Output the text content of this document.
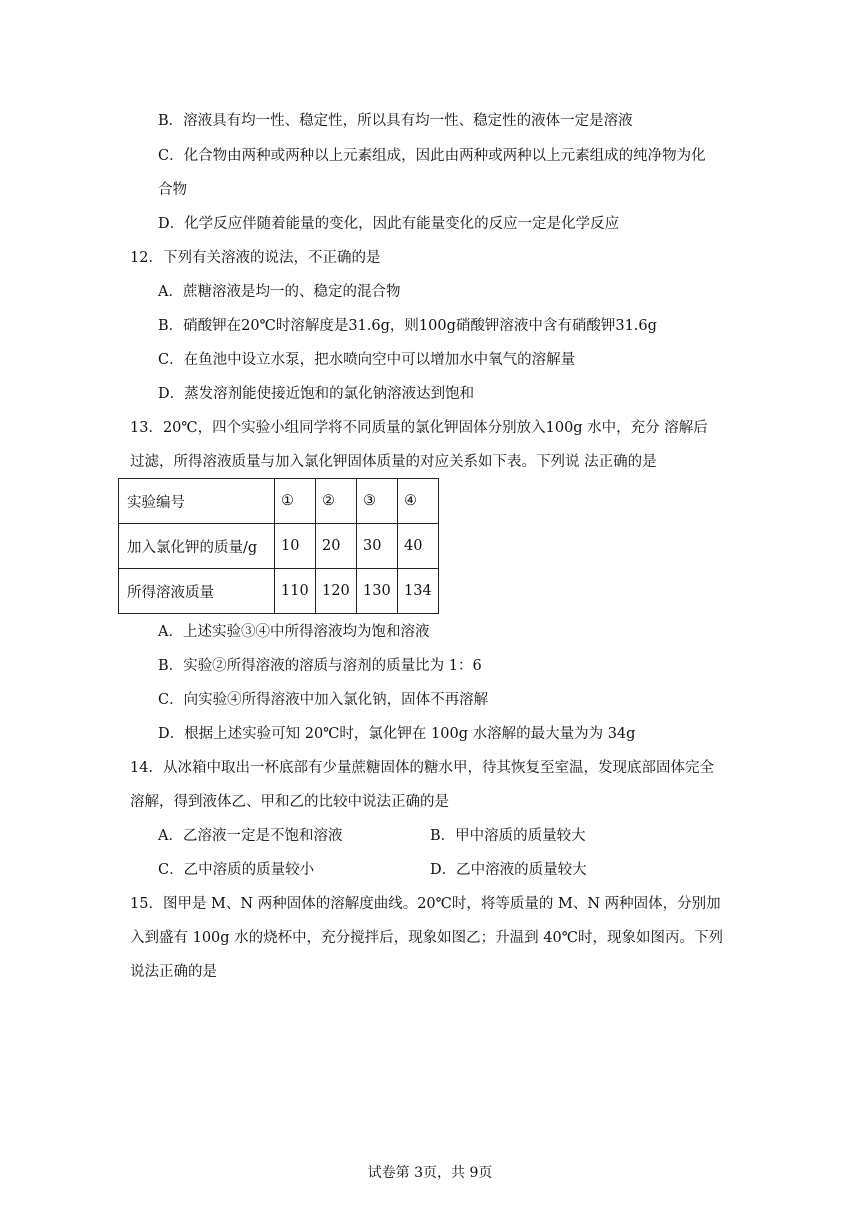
B．溶液具有均一性、稳定性，所以具有均一性、稳定性的液体一定是溶液
C．化合物由两种或两种以上元素组成，因此由两种或两种以上元素组成的纯净物为化
合物
D．化学反应伴随着能量的变化，因此有能量变化的反应一定是化学反应
12．下列有关溶液的说法，不正确的是
A．蔗糖溶液是均一的、稳定的混合物
B．硝酸钾在20℃时溶解度是31.6g，则100g硝酸钾溶液中含有硝酸钾31.6g
C．在鱼池中设立水泵，把水喷向空中可以增加水中氧气的溶解量
D．蒸发溶剂能使接近饱和的氯化钠溶液达到饱和
13．20℃，四个实验小组同学将不同质量的氯化钾固体分别放入100g 水中，充分 溶解后
过滤，所得溶液质量与加入氯化钾固体质量的对应关系如下表。下列说 法正确的是
实验编号	①	②	③	④
加入氯化钾的质量/g	10	20	30	40
所得溶液质量	110	120	130	134
A．上述实验③④中所得溶液均为饱和溶液
B．实验②所得溶液的溶质与溶剂的质量比为 1：6
C．向实验④所得溶液中加入氯化钠，固体不再溶解
D．根据上述实验可知 20℃时，氯化钾在 100g 水溶解的最大量为为 34g
14．从冰箱中取出一杯底部有少量蔗糖固体的糖水甲，待其恢复至室温，发现底部固体完全
溶解，得到液体乙、甲和乙的比较中说法正确的是
A．乙溶液一定是不饱和溶液	B．甲中溶质的质量较大
C．乙中溶质的质量较小	D．乙中溶液的质量较大
15．图甲是 M、N 两种固体的溶解度曲线。20℃时，将等质量的 M、N 两种固体，分别加
入到盛有 100g 水的烧杯中，充分搅拌后，现象如图乙；升温到 40℃时，现象如图丙。下列
说法正确的是
试卷第 3页，共 9页
